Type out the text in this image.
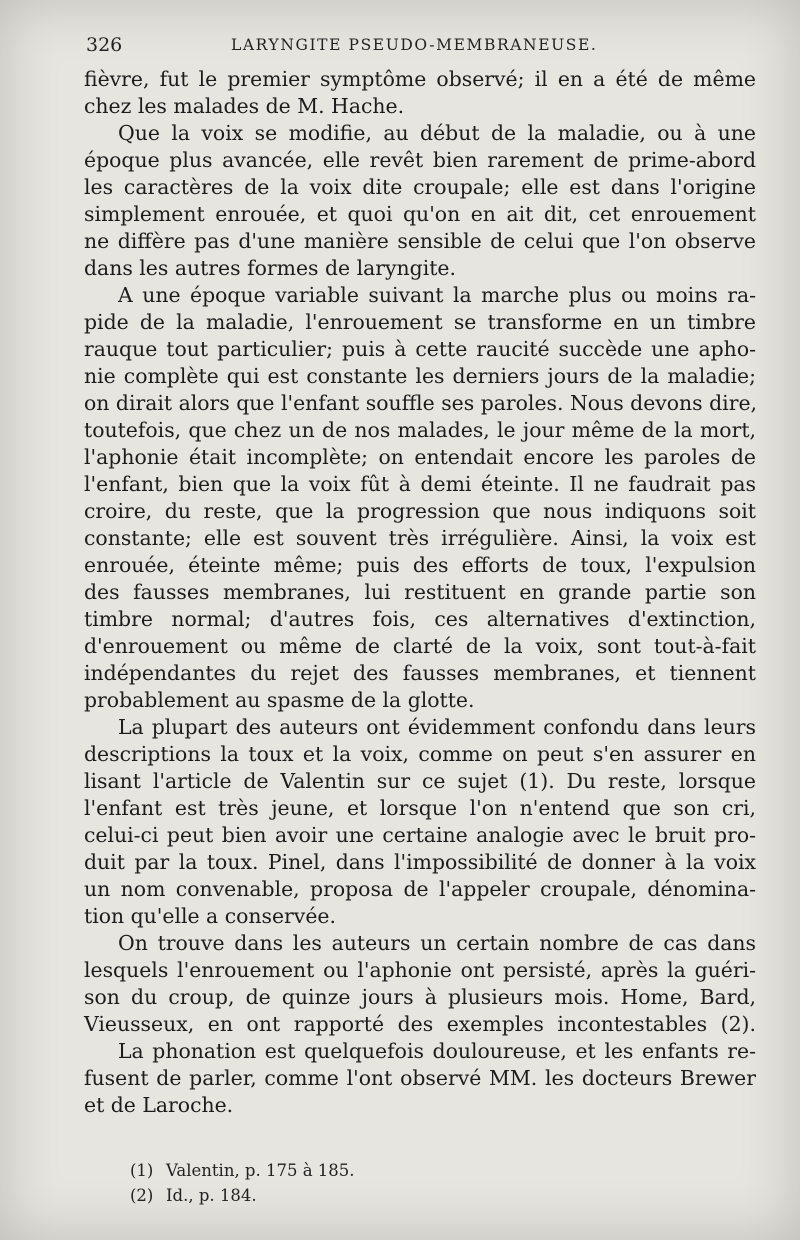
326	LARYNGITE PSEUDO-MEMBRANEUSE.
fièvre, fut le premier symptôme observé; il en a été de même
chez les malades de M. Hache.
Que la voix se modifie, au début de la maladie, ou à une
époque plus avancée, elle revêt bien rarement de prime-abord
les caractères de la voix dite croupale; elle est dans l'origine
simplement enrouée, et quoi qu'on en ait dit, cet enrouement
ne diffère pas d'une manière sensible de celui que l'on observe
dans les autres formes de laryngite.
A une époque variable suivant la marche plus ou moins ra-
pide de la maladie, l'enrouement se transforme en un timbre
rauque tout particulier; puis à cette raucité succède une apho-
nie complète qui est constante les derniers jours de la maladie;
on dirait alors que l'enfant souffle ses paroles. Nous devons dire,
toutefois, que chez un de nos malades, le jour même de la mort,
l'aphonie était incomplète; on entendait encore les paroles de
l'enfant, bien que la voix fût à demi éteinte. Il ne faudrait pas
croire, du reste, que la progression que nous indiquons soit
constante; elle est souvent très irrégulière. Ainsi, la voix est
enrouée, éteinte même; puis des efforts de toux, l'expulsion
des fausses membranes, lui restituent en grande partie son
timbre normal; d'autres fois, ces alternatives d'extinction,
d'enrouement ou même de clarté de la voix, sont tout-à-fait
indépendantes du rejet des fausses membranes, et tiennent
probablement au spasme de la glotte.
La plupart des auteurs ont évidemment confondu dans leurs
descriptions la toux et la voix, comme on peut s'en assurer en
lisant l'article de Valentin sur ce sujet (1). Du reste, lorsque
l'enfant est très jeune, et lorsque l'on n'entend que son cri,
celui-ci peut bien avoir une certaine analogie avec le bruit pro-
duit par la toux. Pinel, dans l'impossibilité de donner à la voix
un nom convenable, proposa de l'appeler croupale, dénomina-
tion qu'elle a conservée.
On trouve dans les auteurs un certain nombre de cas dans
lesquels l'enrouement ou l'aphonie ont persisté, après la guéri-
son du croup, de quinze jours à plusieurs mois. Home, Bard,
Vieusseux, en ont rapporté des exemples incontestables (2).
La phonation est quelquefois douloureuse, et les enfants re-
fusent de parler, comme l'ont observé MM. les docteurs Brewer
et de Laroche.
(1) Valentin, p. 175 à 185.
(2) Id., p. 184.
